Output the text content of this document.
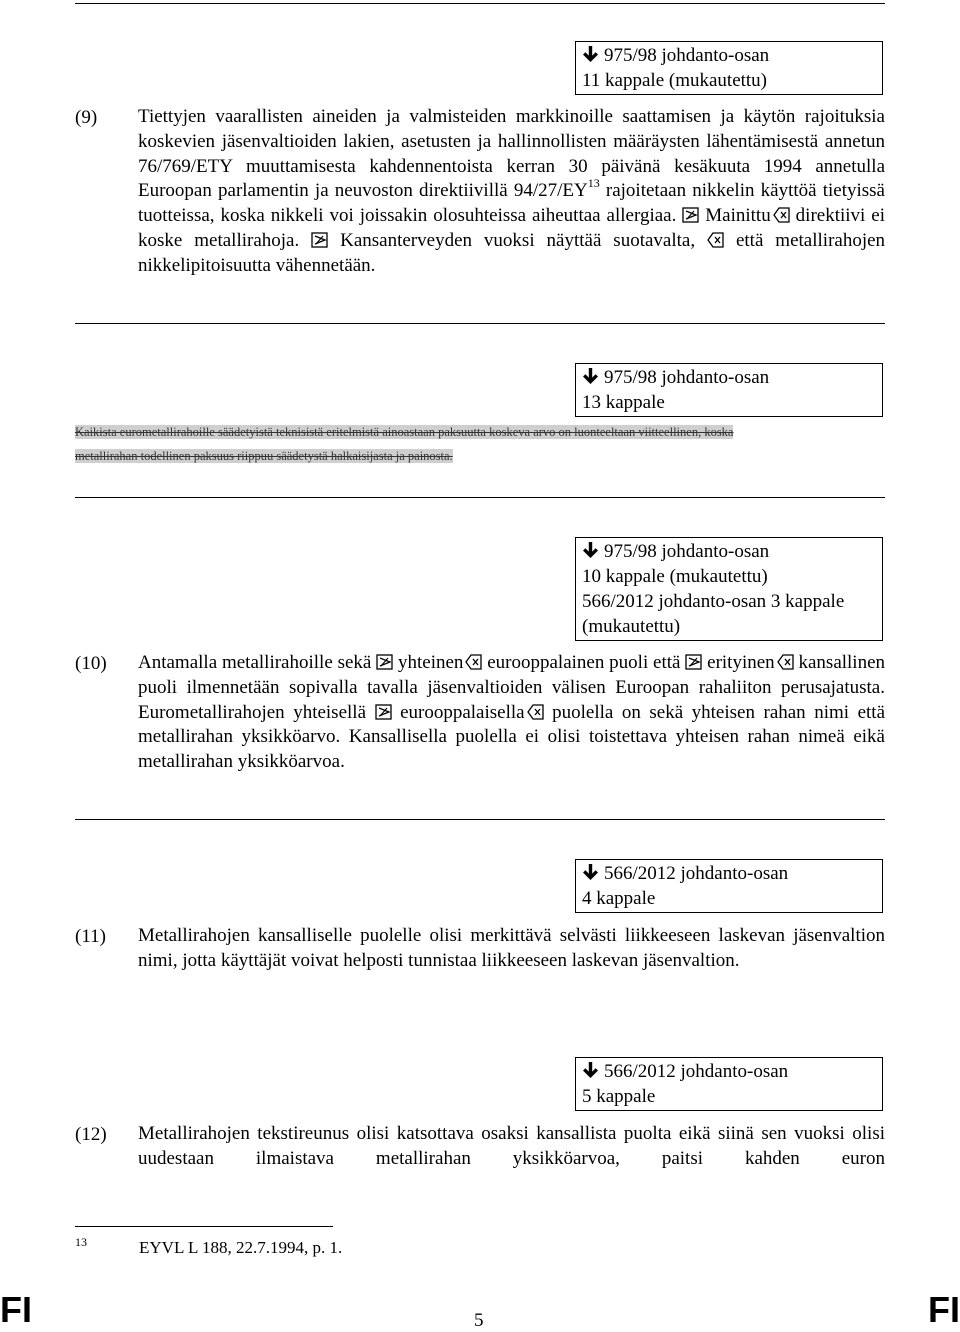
975/98 johdanto-osan
11 kappale (mukautettu)
(9) Tiettyjen vaarallisten aineiden ja valmisteiden markkinoille saattamisen ja käytön rajoituksia koskevien jäsenvaltioiden lakien, asetusten ja hallinnollisten määräysten lähentämisestä annetun 76/769/ETY muuttamisesta kahdennentoista kerran 30 päivänä kesäkuuta 1994 annetulla Euroopan parlamentin ja neuvoston direktiivillä 94/27/EY$^{13}$ rajoitetaan nikkelin käyttöä tietyissä tuotteissa, koska nikkeli voi joissakin olosuhteissa aiheuttaa allergiaa.
Mainittu
direktiivi ei koske metallirahoja.
Kansanterveyden vuoksi näyttää suotavalta,
että metallirahojen nikkelipitoisuutta vähennetään.
975/98 johdanto-osan
13 kappale
Kaikista eurometallirahoille säädetyistä teknisistä eritelmistä ainoastaan paksuutta koskeva arvo on luonteeltaan viitteellinen, koska
metallirahan todellinen paksuus riippuu säädetystä halkaisijasta ja painosta.
975/98 johdanto-osan
10 kappale (mukautettu)
566/2012 johdanto-osan 3 kappale
(mukautettu)
(10) Antamalla metallirahoille sekä
yhteinen
eurooppalainen puoli että
erityinen
kansallinen puoli ilmennetään sopivalla tavalla jäsenvaltioiden välisen Euroopan rahaliiton perusajatusta. Eurometallirahojen yhteisellä
eurooppalaisella
puolella on sekä yhteisen rahan nimi että metallirahan yksikköarvo. Kansallisella puolella ei olisi toistettava yhteisen rahan nimeä eikä metallirahan yksikköarvoa.
566/2012 johdanto-osan
4 kappale
(11) Metallirahojen kansalliselle puolelle olisi merkittävä selvästi liikkeeseen laskevan jäsenvaltion nimi, jotta käyttäjät voivat helposti tunnistaa liikkeeseen laskevan jäsenvaltion.
566/2012 johdanto-osan
5 kappale
(12) Metallirahojen tekstireunus olisi katsottava osaksi kansallista puolta eikä siinä sen vuoksi olisi uudestaan ilmaistava metallirahan yksikköarvoa, paitsi kahden euron
13	EYVL L 188, 22.7.1994, p. 1.
FI	5	FI
